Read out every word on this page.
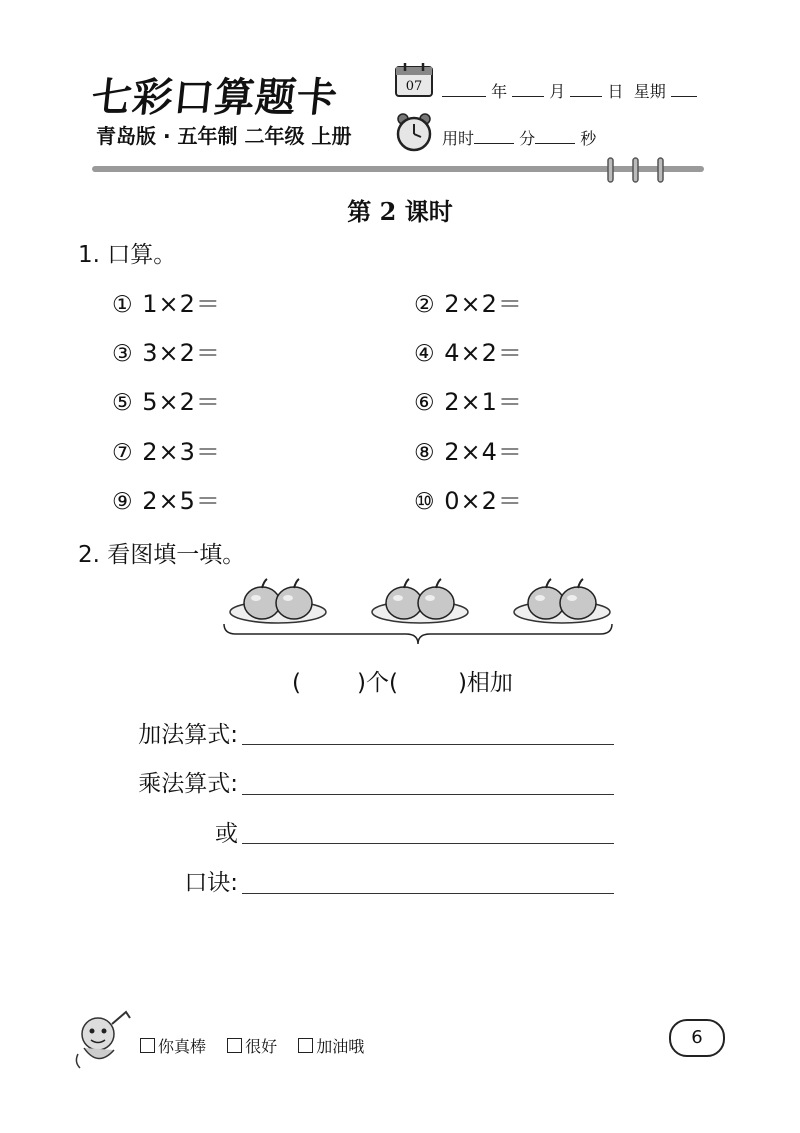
七彩口算题卡
青岛版 · 五年制 二年级 上册
07	年	月	日 星期
用时	分	秒
第 2 课时
1. 口算。
① 1×2＝	② 2×2＝
③ 3×2＝	④ 4×2＝
⑤ 5×2＝	⑥ 2×1＝
⑦ 2×3＝	⑧ 2×4＝
⑨ 2×5＝	⑩ 0×2＝
2. 看图填一填。
( )个(	)相加
加法算式:
乘法算式:
或
口诀:
你真棒 很好 加油哦	6
